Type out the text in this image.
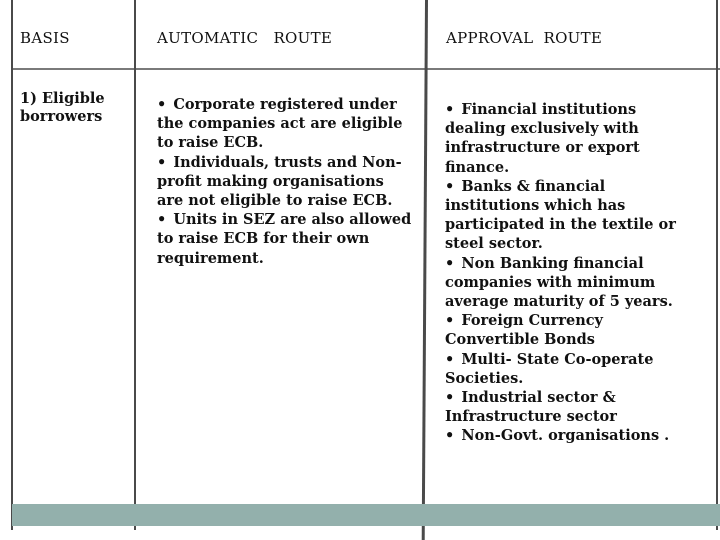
BASIS	AUTOMATIC   ROUTE	APPROVAL  ROUTE
1) Eligible borrowers
• Corporate registered under the companies act are eligible to raise ECB.
• Individuals, trusts and Non-profit making organisations are not eligible to raise ECB.
• Units in SEZ are also allowed to raise ECB for their own requirement.
• Financial institutions dealing exclusively with infrastructure or export finance.
• Banks & financial institutions which has participated in the textile or steel sector.
• Non Banking financial companies with minimum average maturity of 5 years.
• Foreign Currency Convertible Bonds
• Multi- State Co-operate Societies.
• Industrial sector & Infrastructure sector
• Non-Govt. organisations .
